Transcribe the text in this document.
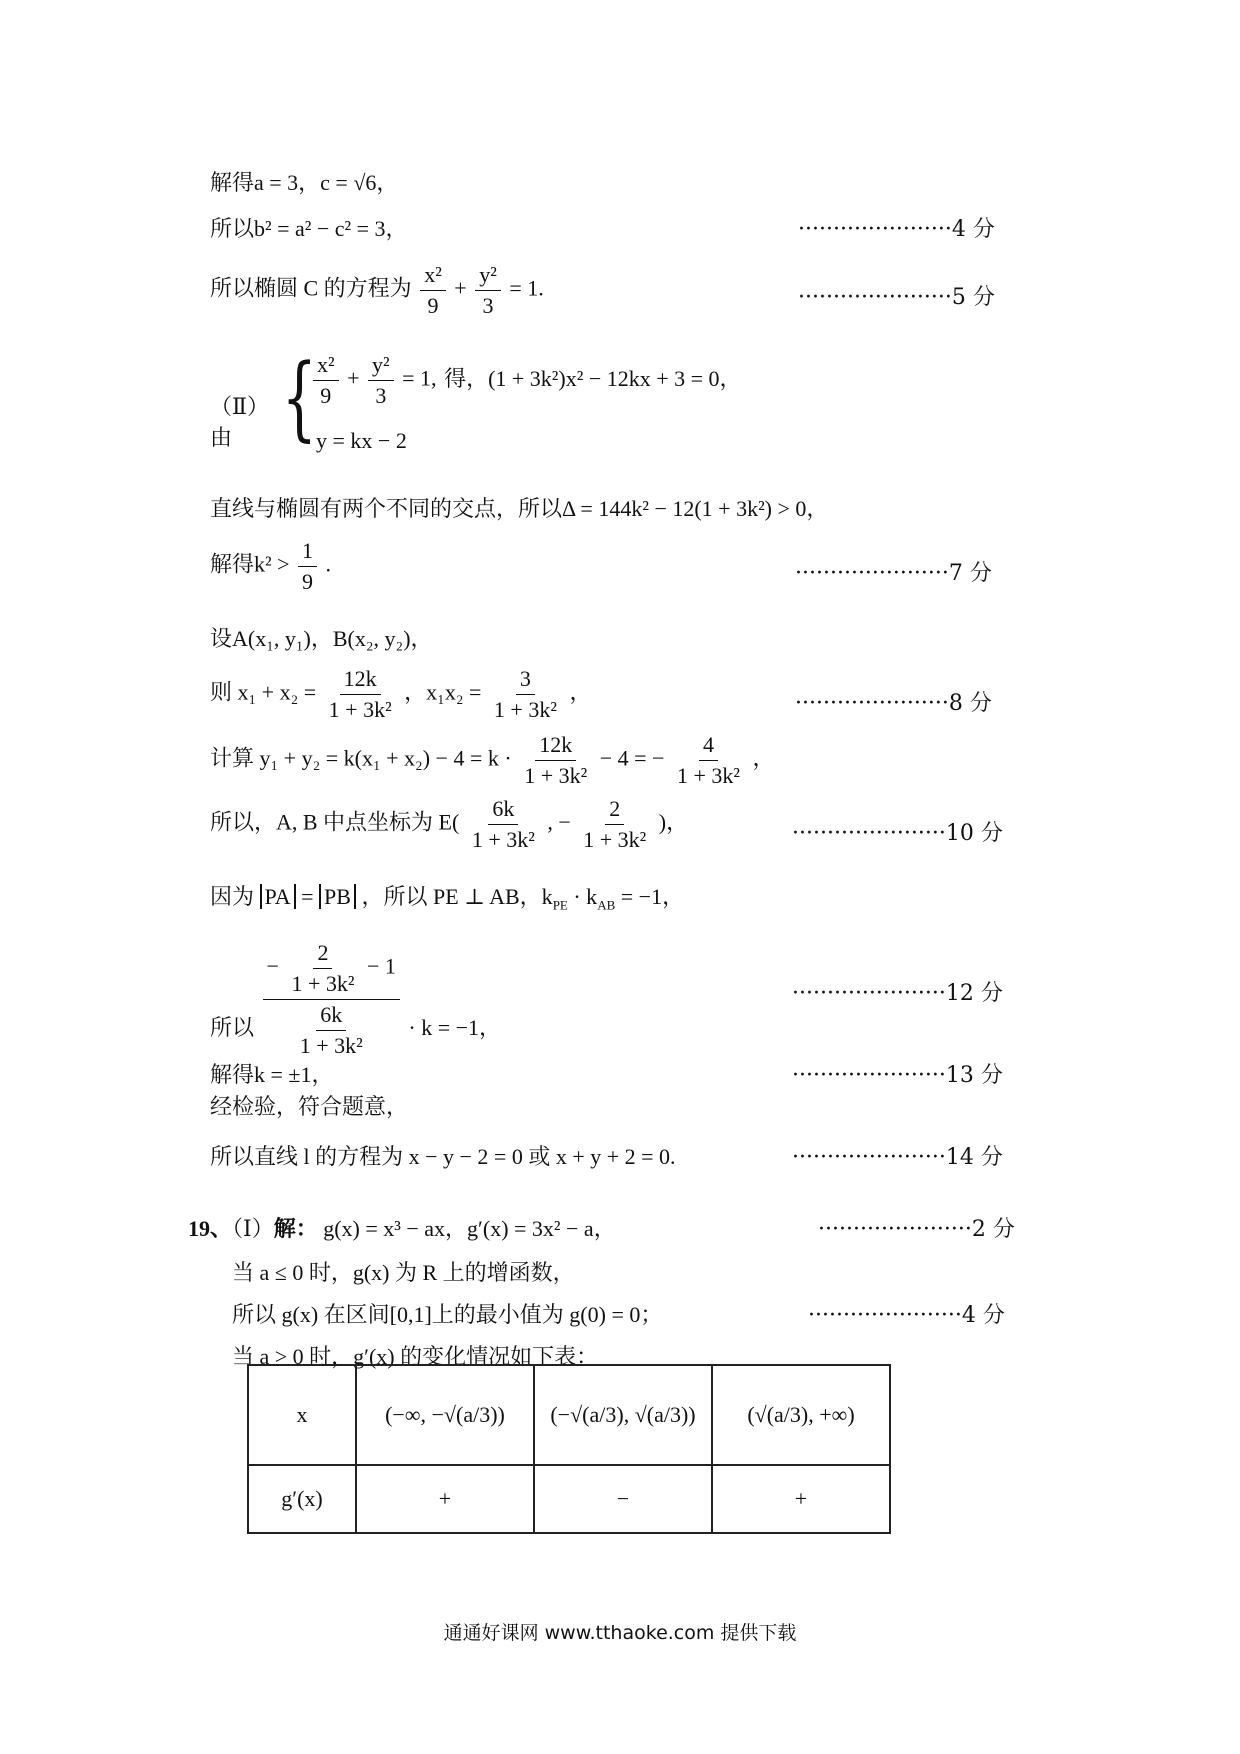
解得a = 3，c = √6，
所以b² = a² − c² = 3，	······················4 分
所以椭圆 C 的方程为 $\frac{\text{x²}}{9} + \frac{\text{y²}}{3} = 1$.	······················5 分
（Ⅱ）由 {
$\frac{\text{x²}}{9} + \frac{\text{y²}}{3} = 1$, 得，(1 + 3k²)x² − 12kx + 3 = 0，
y = kx − 2
直线与椭圆有两个不同的交点，所以Δ = 144k² − 12(1 + 3k²) > 0，
解得$k^2 > \frac{1}{9}$ .	······················7 分
设A(x₁, y₁)，B(x₂, y₂)，
则 $x_1 + x_2 = \frac{12k}{\text{1 + 3k²}}$ ，$x_1x_2 = \frac{3}{\text{1 + 3k²}}$ ，	······················8 分
计算 $y_1 + y_2 = k(x_1 + x_2) - 4 = k \cdot \frac{12k}{\text{1 + 3k²}} - 4$ = − $\frac{4}{\text{1 + 3k²}}$ ，
所以，A, B 中点坐标为 $E( \frac{6k}{\text{1 + 3k²}}$ , − $\frac{2}{\text{1 + 3k²}}$ )，	······················10 分
因为 PA = PB ，所以 PE ⊥ AB，$k_{PE} \cdot k_{AB} = -1$，
所以 $\frac{- \frac{2}{\text{1 + 3k²}} - 1}{\frac{6k}{\text{1 + 3k²}}} \cdot k = -1$，
······················12 分
解得k = ±1，	······················13 分
经检验，符合题意，
所以直线 l 的方程为 x − y − 2 = 0 或 x + y + 2 = 0.	······················14 分
19、（Ⅰ）解： g(x) = x³ − ax，g′(x) = 3x² − a，	······················2 分
当 a ≤ 0 时，g(x) 为 R 上的增函数，
所以 g(x) 在区间[0,1]上的最小值为 g(0) = 0；	······················4 分
当 a > 0 时，g′(x) 的变化情况如下表：
x	(−∞, −√(a/3))	(−√(a/3), √(a/3))	(√(a/3), +∞)
g′(x)	+	−	+
通通好课网 www.tthaoke.com 提供下载
